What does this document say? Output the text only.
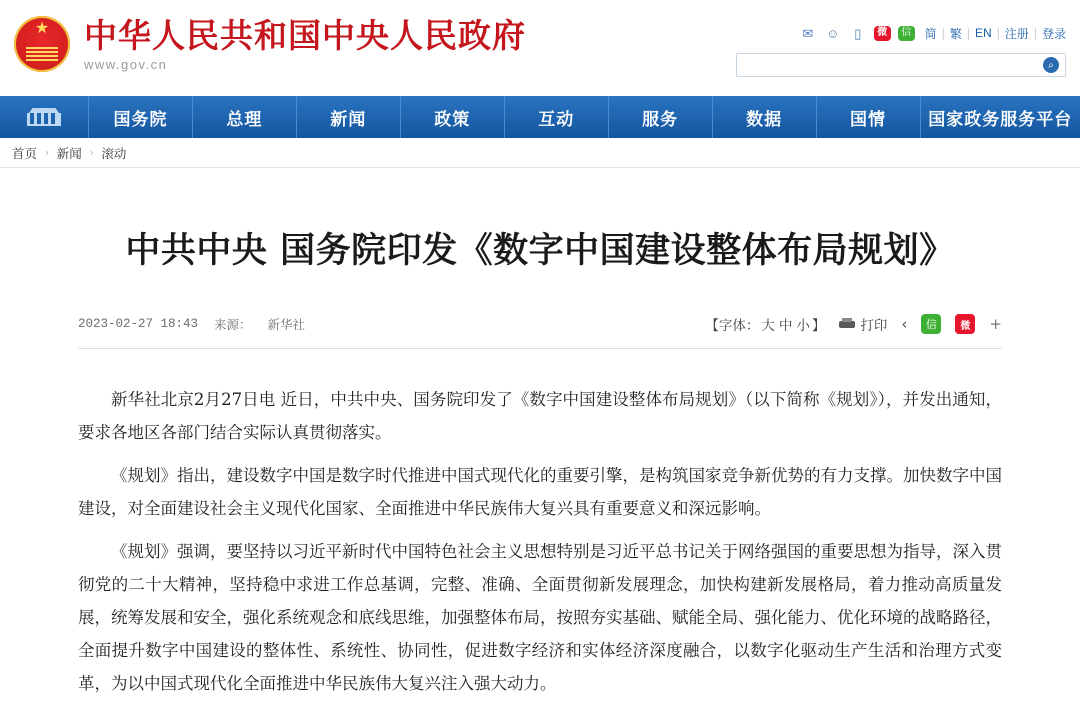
★
中华人民共和国中央人民政府
www.gov.cn
✉ ☺	▯	微	信 简 | 繁 | EN | 注册 | 登录
⌕
国务院	总理	新闻	政策	互动	服务	数据	国情	国家政务服务平台
首页 › 新闻 › 滚动
中共中央 国务院印发《数字中国建设整体布局规划》
2023-02-27 18:43 来源： 新华社	【字体： 大 中 小 】	打印 ‹	信	微	+

新华社北京2月27日电 近日，中共中央、国务院印发了《数字中国建设整体布局规划》（以下简称《规划》），并发出通知，要求各地区各部门结合实际认真贯彻落实。

《规划》指出，建设数字中国是数字时代推进中国式现代化的重要引擎，是构筑国家竞争新优势的有力支撑。加快数字中国建设，对全面建设社会主义现代化国家、全面推进中华民族伟大复兴具有重要意义和深远影响。

《规划》强调，要坚持以习近平新时代中国特色社会主义思想特别是习近平总书记关于网络强国的重要思想为指导，深入贯彻党的二十大精神，坚持稳中求进工作总基调，完整、准确、全面贯彻新发展理念，加快构建新发展格局，着力推动高质量发展，统筹发展和安全，强化系统观念和底线思维，加强整体布局，按照夯实基础、赋能全局、强化能力、优化环境的战略路径，全面提升数字中国建设的整体性、系统性、协同性，促进数字经济和实体经济深度融合，以数字化驱动生产生活和治理方式变革，为以中国式现代化全面推进中华民族伟大复兴注入强大动力。
